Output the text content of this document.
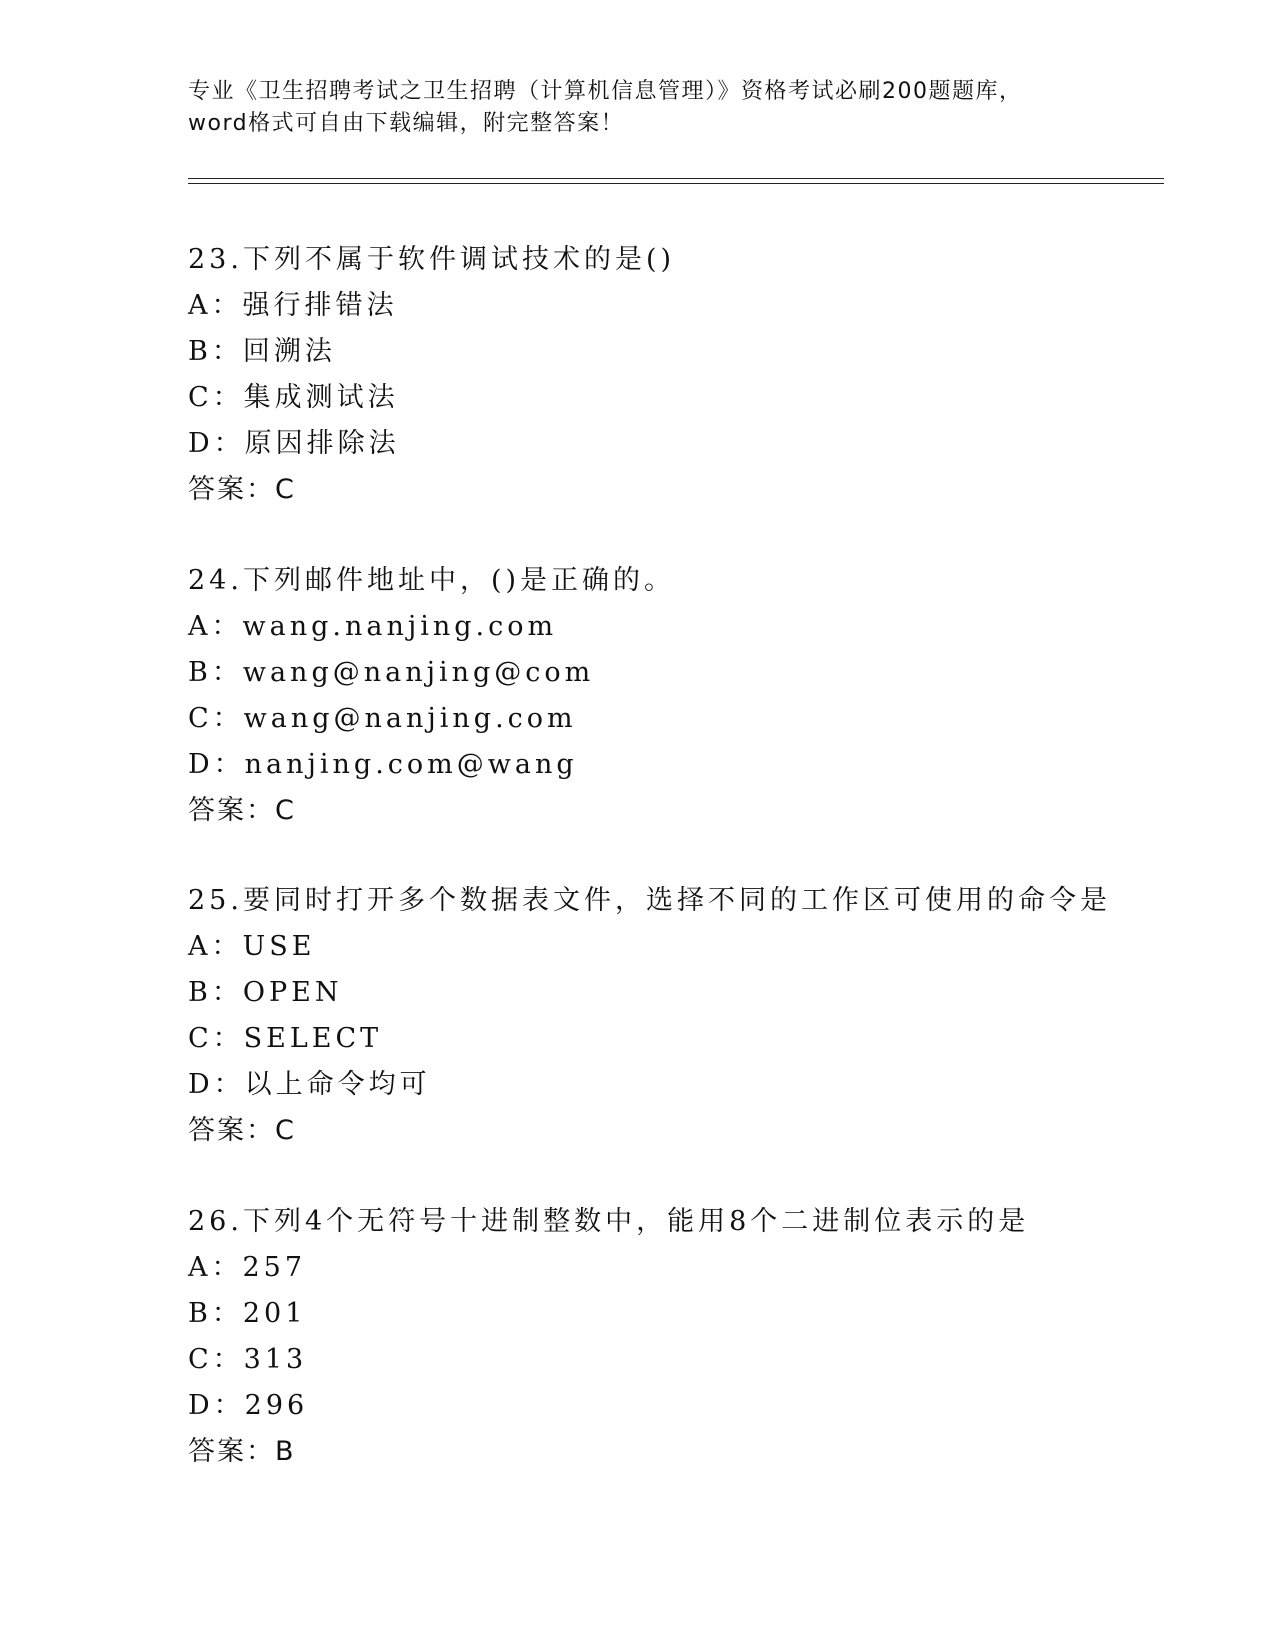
专业《卫生招聘考试之卫生招聘（计算机信息管理）》资格考试必刷200题题库，
word格式可自由下载编辑，附完整答案！
23.下列不属于软件调试技术的是()
A：强行排错法
B：回溯法
C：集成测试法
D：原因排除法
答案：C
24.下列邮件地址中，()是正确的。
A：wang.nanjing.com
B：wang@nanjing@com
C：wang@nanjing.com
D：nanjing.com@wang
答案：C
25.要同时打开多个数据表文件，选择不同的工作区可使用的命令是
A：USE
B：OPEN
C：SELECT
D：以上命令均可
答案：C
26.下列4个无符号十进制整数中，能用8个二进制位表示的是
A：257
B：201
C：313
D：296
答案：B
